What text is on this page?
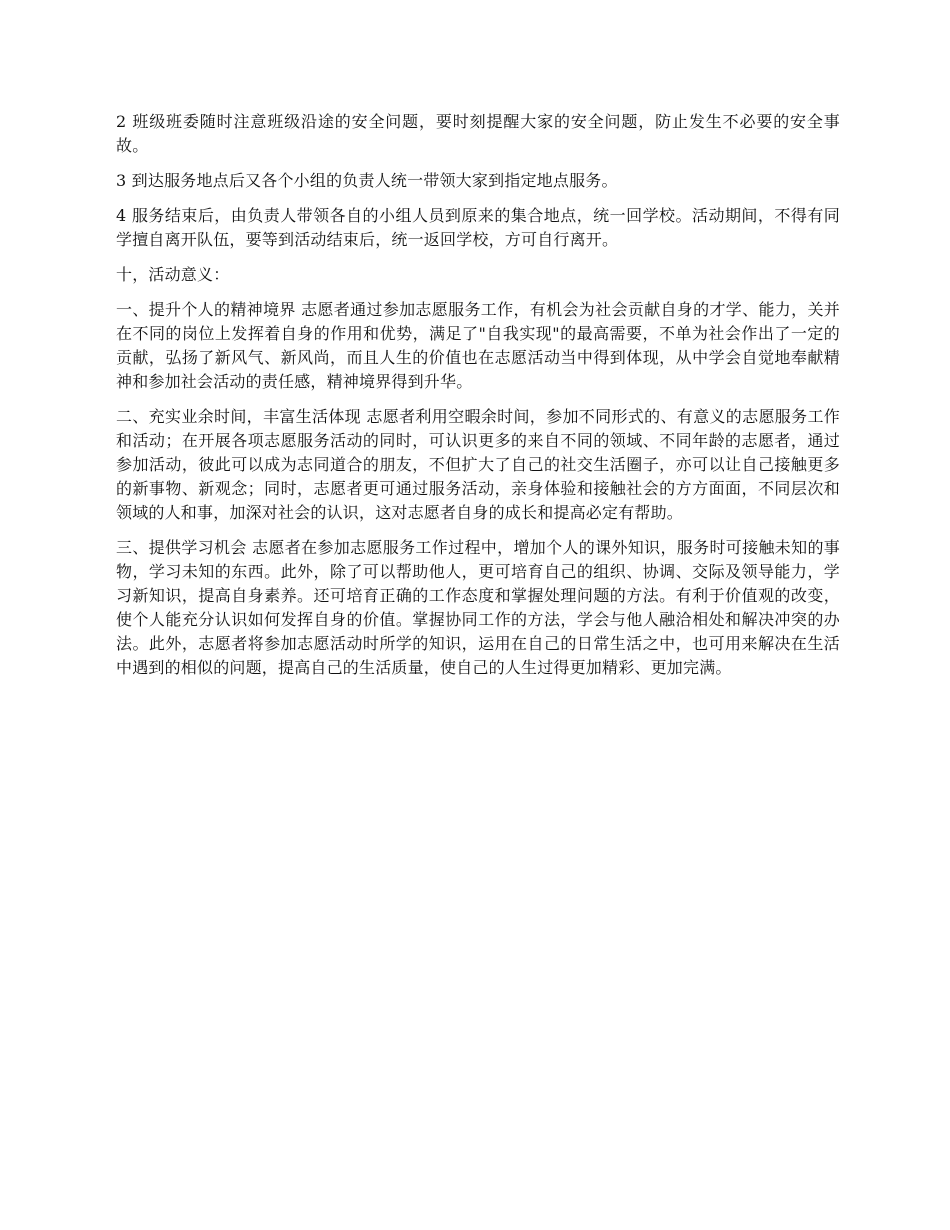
2 班级班委随时注意班级沿途的安全问题，要时刻提醒大家的安全问题，防止发生不必要的安全事故。

3 到达服务地点后又各个小组的负责人统一带领大家到指定地点服务。

4 服务结束后，由负责人带领各自的小组人员到原来的集合地点，统一回学校。活动期间，不得有同学擅自离开队伍，要等到活动结束后，统一返回学校，方可自行离开。

十，活动意义：

一、提升个人的精神境界 志愿者通过参加志愿服务工作，有机会为社会贡献自身的才学、能力，关并在不同的岗位上发挥着自身的作用和优势，满足了"自我实现"的最高需要，不单为社会作出了一定的贡献，弘扬了新风气、新风尚，而且人生的价值也在志愿活动当中得到体现，从中学会自觉地奉献精神和参加社会活动的责任感，精神境界得到升华。

二、充实业余时间，丰富生活体现 志愿者利用空暇余时间，参加不同形式的、有意义的志愿服务工作和活动；在开展各项志愿服务活动的同时，可认识更多的来自不同的领域、不同年龄的志愿者，通过参加活动，彼此可以成为志同道合的朋友，不但扩大了自己的社交生活圈子，亦可以让自己接触更多的新事物、新观念；同时，志愿者更可通过服务活动，亲身体验和接触社会的方方面面，不同层次和领域的人和事，加深对社会的认识，这对志愿者自身的成长和提高必定有帮助。

三、提供学习机会 志愿者在参加志愿服务工作过程中，增加个人的课外知识，服务时可接触未知的事物，学习未知的东西。此外，除了可以帮助他人，更可培育自己的组织、协调、交际及领导能力，学习新知识，提高自身素养。还可培育正确的工作态度和掌握处理问题的方法。有利于价值观的改变，使个人能充分认识如何发挥自身的价值。掌握协同工作的方法，学会与他人融洽相处和解决冲突的办法。此外，志愿者将参加志愿活动时所学的知识，运用在自己的日常生活之中，也可用来解决在生活中遇到的相似的问题，提高自己的生活质量，使自己的人生过得更加精彩、更加完满。
